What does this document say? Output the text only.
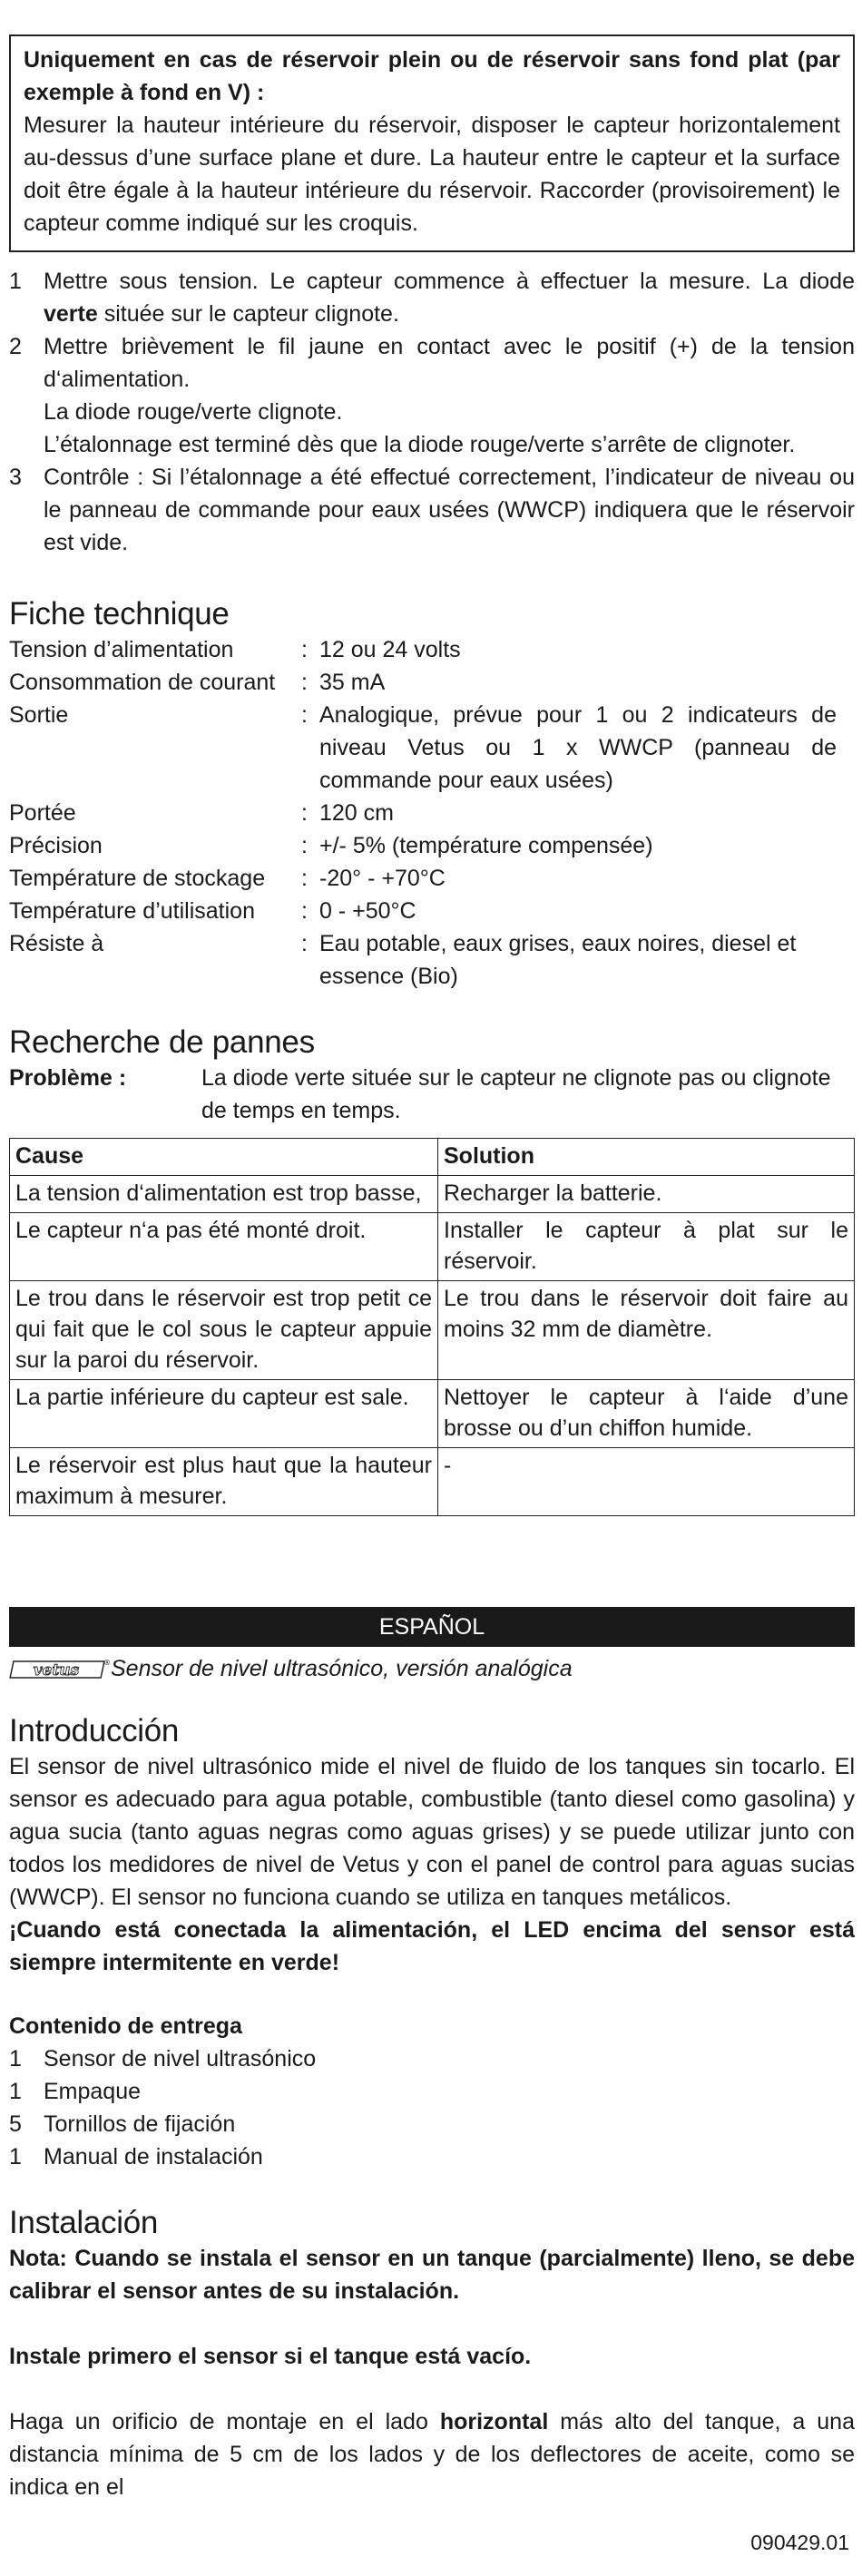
Uniquement en cas de réservoir plein ou de réservoir sans fond plat (par exemple à fond en V) :
Mesurer la hauteur intérieure du réservoir, disposer le capteur horizontalement au-dessus d’une surface plane et dure. La hauteur entre le capteur et la surface doit être égale à la hauteur intérieure du réservoir. Raccorder (provisoirement) le capteur comme indiqué sur les croquis.
1 Mettre sous tension. Le capteur commence à effectuer la mesure. La diode verte située sur le capteur clignote.
2 Mettre brièvement le fil jaune en contact avec le positif (+) de la tension d‘alimentation.
La diode rouge/verte clignote.
L’étalonnage est terminé dès que la diode rouge/verte s’arrête de clignoter.
3 Contrôle : Si l’étalonnage a été effectué correctement, l’indicateur de niveau ou le panneau de commande pour eaux usées (WWCP) indiquera que le réservoir est vide.
Fiche technique
Tension d’alimentation	: 12 ou 24 volts
Consommation de courant	: 35 mA
Sortie	: Analogique, prévue pour 1 ou 2 indicateurs de niveau Vetus ou 1 x WWCP (panneau de commande pour eaux usées)
Portée	: 120 cm
Précision	: +/- 5% (température compensée)
Température de stockage	: -20° - +70°C
Température d’utilisation	: 0 - +50°C
Résiste à	: Eau potable, eaux grises, eaux noires, diesel et essence (Bio)
Recherche de pannes
Problème :	La diode verte située sur le capteur ne clignote pas ou clignote de temps en temps.
Cause	Solution
La tension d‘alimentation est trop basse,	Recharger la batterie.
Le capteur n‘a pas été monté droit.	Installer le capteur à plat sur le réservoir.
Le trou dans le réservoir est trop petit ce qui fait que le col sous le capteur appuie sur la paroi du réservoir.	Le trou dans le réservoir doit faire au moins 32 mm de diamètre.
La partie inférieure du capteur est sale.	Nettoyer le capteur à l‘aide d’une brosse ou d’un chiffon humide.
Le réservoir est plus haut que la hauteur maximum à mesurer.	-
ESPAÑOL
vetus	® Sensor de nivel ultrasónico, versión analógica
Introducción
El sensor de nivel ultrasónico mide el nivel de fluido de los tanques sin tocarlo. El sensor es adecuado para agua potable, combustible (tanto diesel como gasolina) y agua sucia (tanto aguas negras como aguas grises) y se puede utilizar junto con todos los medidores de nivel de Vetus y con el panel de control para aguas sucias (WWCP). El sensor no funciona cuando se utiliza en tanques metálicos.
¡Cuando está conectada la alimentación, el LED encima del sensor está siempre intermitente en verde!
Contenido de entrega
1 Sensor de nivel ultrasónico
1 Empaque
5 Tornillos de fijación
1 Manual de instalación
Instalación
Nota: Cuando se instala el sensor en un tanque (parcialmente) lleno, se debe calibrar el sensor antes de su instalación.
Instale primero el sensor si el tanque está vacío.
Haga un orificio de montaje en el lado horizontal más alto del tanque, a una distancia mínima de 5 cm de los lados y de los deflectores de aceite, como se indica en el
090429.01
